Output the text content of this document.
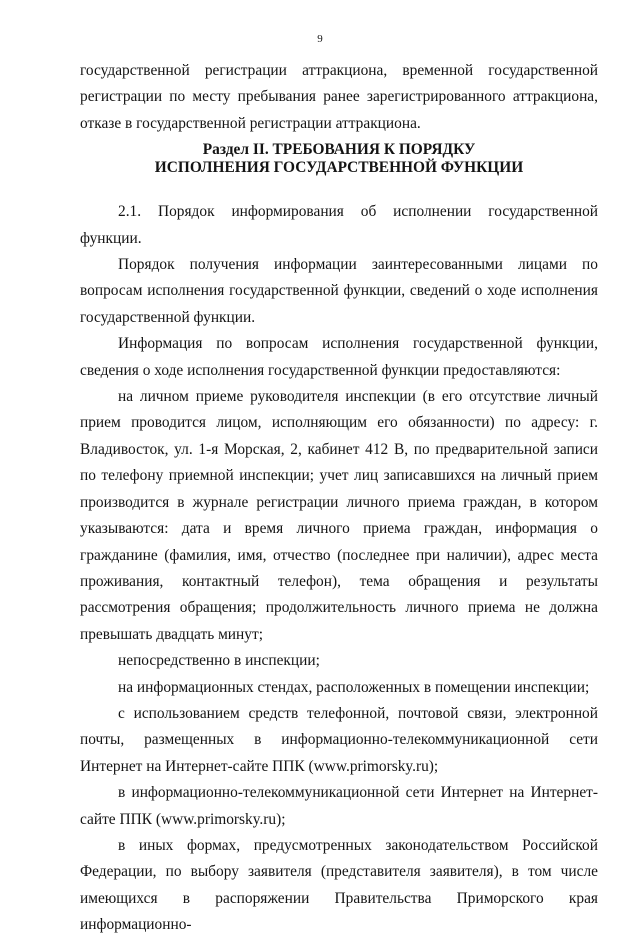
9

государственной регистрации аттракциона, временной государственной регистрации по месту пребывания ранее зарегистрированного аттракциона, отказе в государственной регистрации аттракциона.

Раздел II. ТРЕБОВАНИЯ К ПОРЯДКУ
ИСПОЛНЕНИЯ ГОСУДАРСТВЕННОЙ ФУНКЦИИ

2.1. Порядок информирования об исполнении государственной функции.

Порядок получения информации заинтересованными лицами по вопросам исполнения государственной функции, сведений о ходе исполнения государственной функции.

Информация по вопросам исполнения государственной функции, сведения о ходе исполнения государственной функции предоставляются:

на личном приеме руководителя инспекции (в его отсутствие личный прием проводится лицом, исполняющим его обязанности) по адресу: г. Владивосток, ул. 1-я Морская, 2, кабинет 412 В, по предварительной записи по телефону приемной инспекции; учет лиц записавшихся на личный прием производится в журнале регистрации личного приема граждан, в котором указываются: дата и время личного приема граждан, информация о гражданине (фамилия, имя, отчество (последнее при наличии), адрес места проживания, контактный телефон), тема обращения и результаты рассмотрения обращения; продолжительность личного приема не должна превышать двадцать минут;

непосредственно в инспекции;

на информационных стендах, расположенных в помещении инспекции;

с использованием средств телефонной, почтовой связи, электронной почты, размещенных в информационно-телекоммуникационной сети Интернет на Интернет-сайте ППК (www.primorsky.ru);

в информационно-телекоммуникационной сети Интернет на Интернет-сайте ППК (www.primorsky.ru);

в иных формах, предусмотренных законодательством Российской Федерации, по выбору заявителя (представителя заявителя), в том числе имеющихся в распоряжении Правительства Приморского края информационно-
